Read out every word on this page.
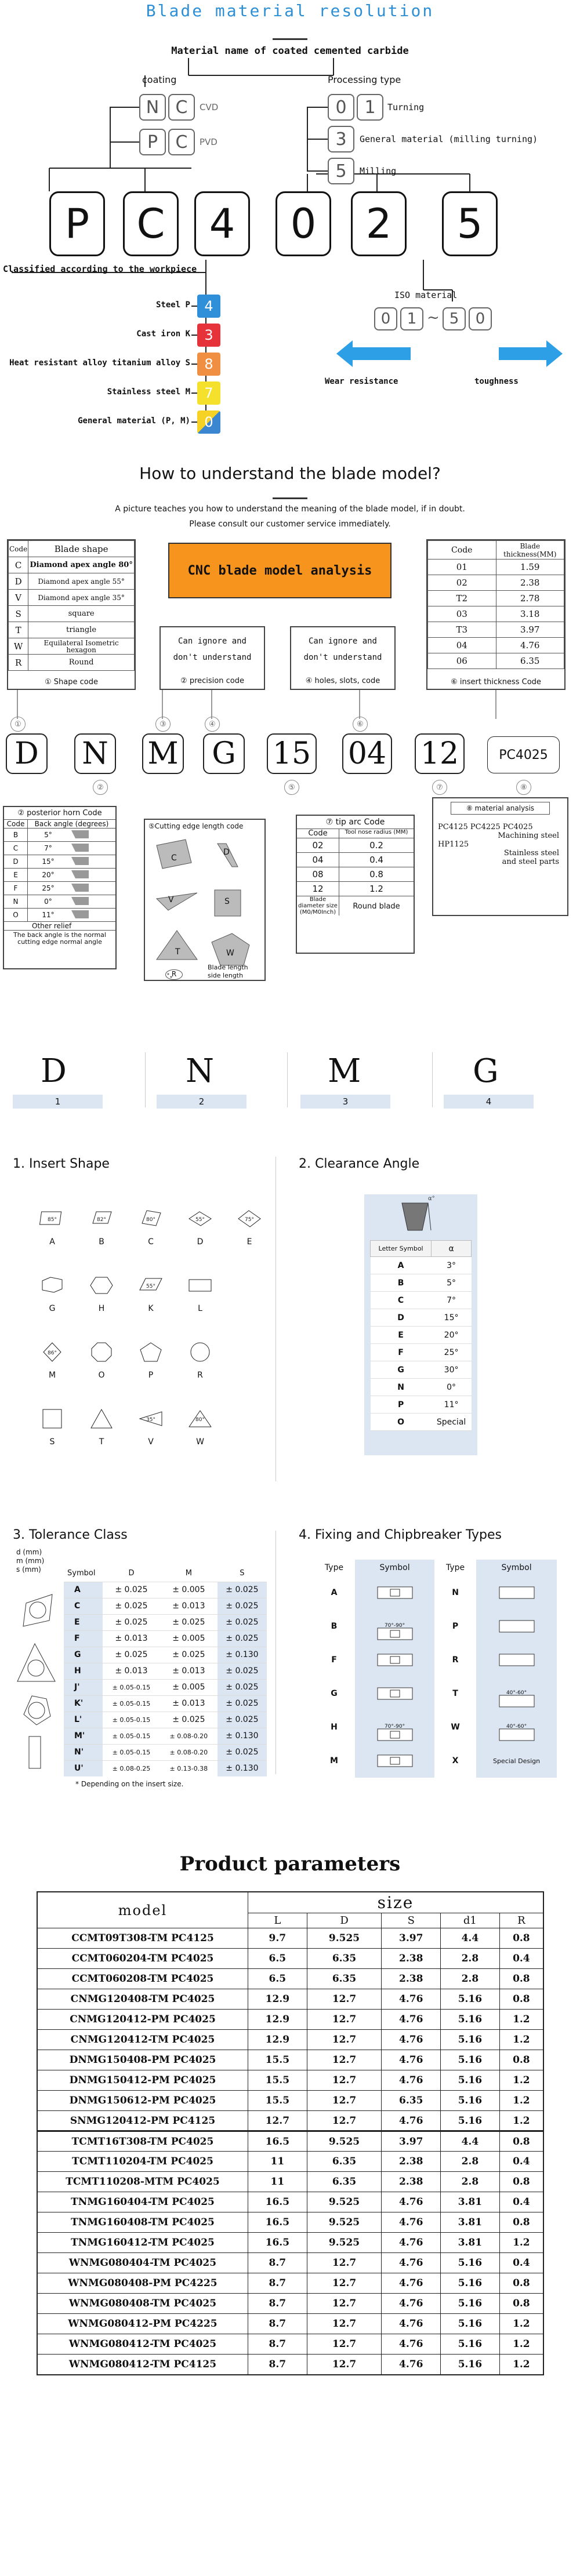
Blade material resolution
Material name of coated cemented carbide
coating
N C	CVD
P	C	PVD
Processing type
0	1	Turning
3	General material (milling turning)
5	Milling
P	C	4	0	2	5
Classified according to the workpiece
Steel P	4
Cast iron K	3
Heat resistant alloy titanium alloy S	8
Stainless steel M	7
General material (P, M)	0
ISO material
0	1 ~ 5	0
Wear resistance	toughness
How to understand the blade model?
A picture teaches you how to understand the meaning of the blade model, if in doubt.
Please consult our customer service immediately.
Code	Blade shape
C	Diamond apex angle 80°
D	Diamond apex angle 55°
V	Diamond apex angle 35°
S	square
T	triangle
W	Equilateral Isometric hexagon
R	Round
① Shape code
CNC blade model analysis
Can ignore and don't understand
② precision code
Can ignore and don't understand
④ holes, slots, code
Code	Blade thickness(MM)
01	1.59
02	2.38
T2	2.78
03	3.18
T3	3.97
04	4.76
06	6.35
⑥ insert thickness Code
①	③	④	⑥
D N M G 15 04 12	PC4025
②	⑤	⑦	⑧
② posterior horn Code
Code	Back angle (degrees)
B	5°
C	7°
D	15°
E	20°
F	25°
N	0°
O	11°
Other relief
The back angle is the normal cutting edge normal angle
⑤Cutting edge length code
C
D
V	S
T	W
R
Blade length
side length
⑦ tip arc Code
Code	Tool nose radius (MM)
02	0.2
04	0.4
08	0.8
12	1.2
Blade diameter size (M0/M0Inch)
Round blade
⑧ material analysis
PC4125 PC4225 PC4025
Machining steel
HP1125
Stainless steel
and steel parts
D	N	M	G
1	2	3	4
1. Insert Shape
85°
A
82°
B
80°
C
55°
D
75°
E
G	H
55°
K	L
86°
M	O	P	R
S	T
35°
V
80°
W
2. Clearance Angle
α°
Letter Symbol	α
A	3°
B	5°
C	7°
D	15°
E	20°
F	25°
G	30°
N	0°
P	11°
O	Special
3. Tolerance Class
d (mm)
m (mm)
s (mm)	Symbol	D	M	S
A	± 0.025	± 0.005	± 0.025
C	± 0.025	± 0.013	± 0.025
E	± 0.025	± 0.025	± 0.025
F	± 0.013	± 0.005	± 0.025
G	± 0.025	± 0.025	± 0.130
H	± 0.013	± 0.013	± 0.025
J'	± 0.05-0.15	± 0.005	± 0.025
K'	± 0.05-0.15	± 0.013	± 0.025
L'	± 0.05-0.15	± 0.025	± 0.025
M'	± 0.05-0.15	± 0.08-0.20	± 0.130
N'	± 0.05-0.15	± 0.08-0.20	± 0.025
U'	± 0.08-0.25	± 0.13-0.38	± 0.130
* Depending on the insert size.
4. Fixing and Chipbreaker Types
Type	Symbol	Type	Symbol
A		N	
B	70°-90°	P	
F		R	
G		T	40°-60°

H	70°-90°	W	40°-60°

M		X	Special Design
Product parameters
model	size				
	L	D	S	d1	R
CCMT09T308-TM PC4125	9.7	9.525	3.97	4.4	0.8
CCMT060204-TM PC4025	6.5	6.35	2.38	2.8	0.4
CCMT060208-TM PC4025	6.5	6.35	2.38	2.8	0.8
CNMG120408-TM PC4025	12.9	12.7	4.76	5.16	0.8
CNMG120412-PM PC4025	12.9	12.7	4.76	5.16	1.2
CNMG120412-TM PC4025	12.9	12.7	4.76	5.16	1.2
DNMG150408-PM PC4025	15.5	12.7	4.76	5.16	0.8
DNMG150412-PM PC4025	15.5	12.7	4.76	5.16	1.2
DNMG150612-PM PC4025	15.5	12.7	6.35	5.16	1.2
SNMG120412-PM PC4125	12.7	12.7	4.76	5.16	1.2
TCMT16T308-TM PC4025	16.5	9.525	3.97	4.4	0.8
TCMT110204-TM PC4025	11	6.35	2.38	2.8	0.4
TCMT110208-MTM PC4025	11	6.35	2.38	2.8	0.8
TNMG160404-TM PC4025	16.5	9.525	4.76	3.81	0.4
TNMG160408-TM PC4025	16.5	9.525	4.76	3.81	0.8
TNMG160412-TM PC4025	16.5	9.525	4.76	3.81	1.2
WNMG080404-TM PC4025	8.7	12.7	4.76	5.16	0.4
WNMG080408-PM PC4225	8.7	12.7	4.76	5.16	0.8
WNMG080408-TM PC4025	8.7	12.7	4.76	5.16	0.8
WNMG080412-PM PC4225	8.7	12.7	4.76	5.16	1.2
WNMG080412-TM PC4025	8.7	12.7	4.76	5.16	1.2
WNMG080412-TM PC4125	8.7	12.7	4.76	5.16	1.2
